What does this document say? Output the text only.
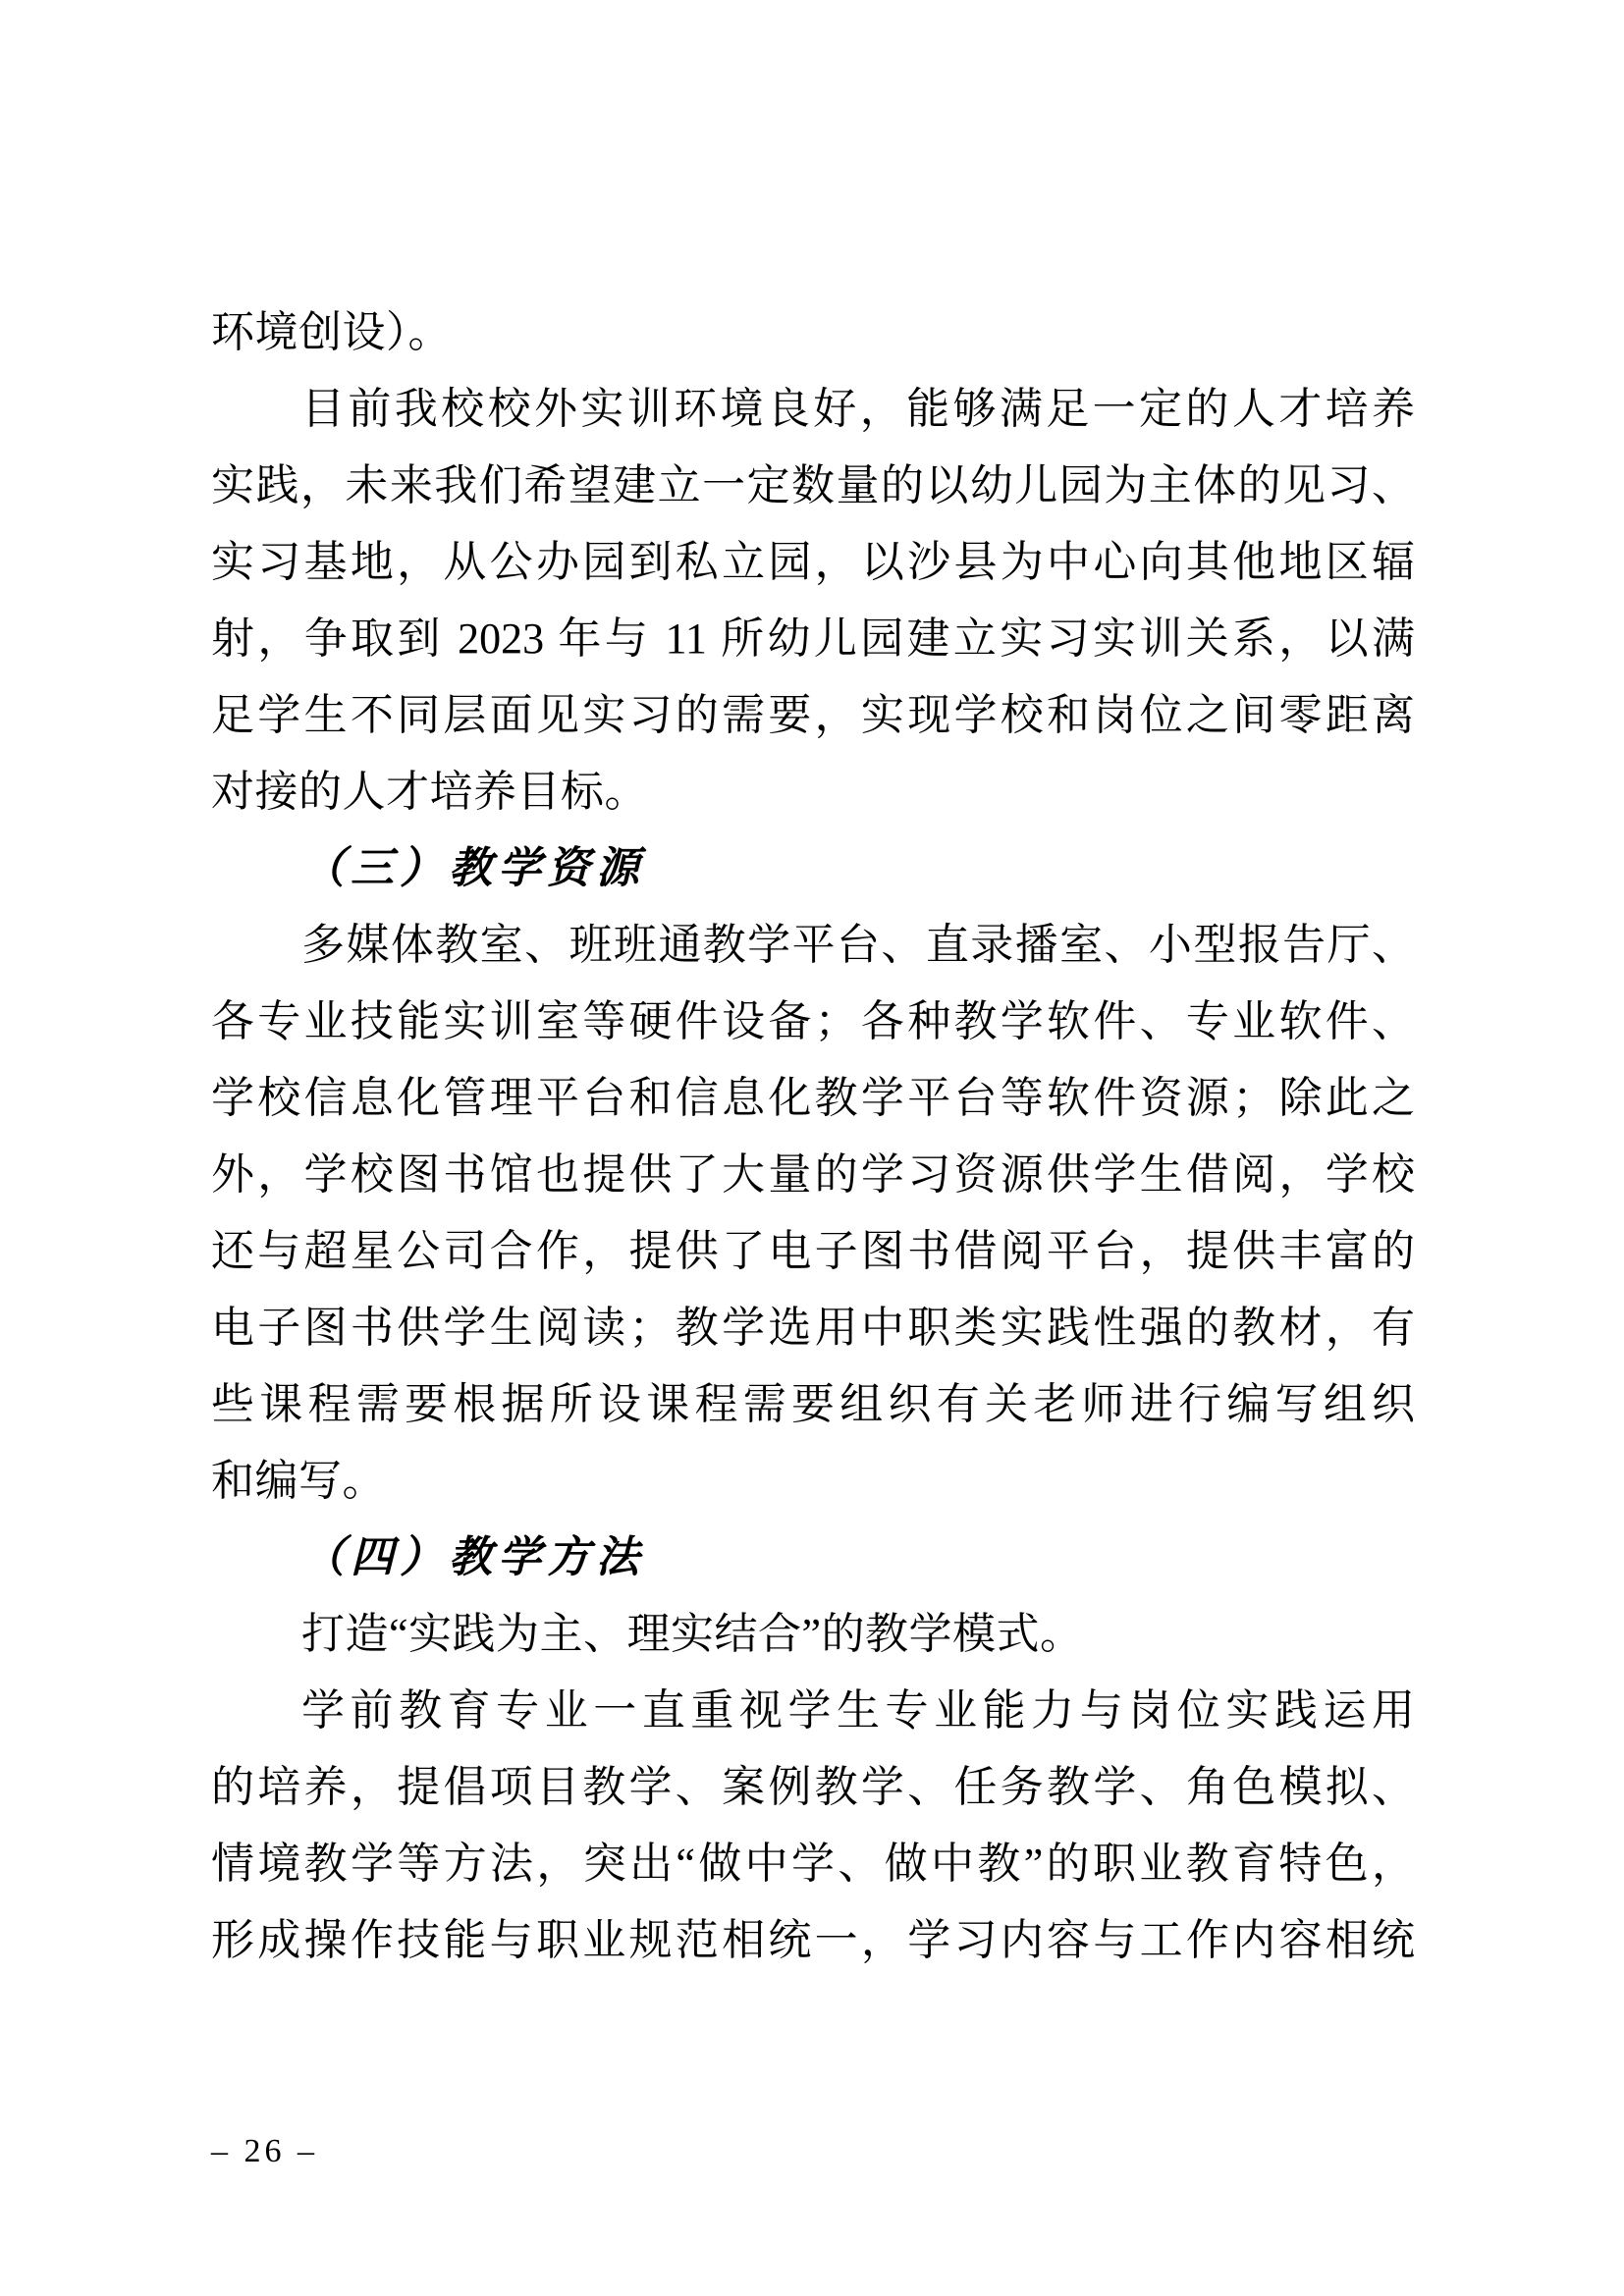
环境创设）。
目前我校校外实训环境良好，能够满足一定的人才培养
实践，未来我们希望建立一定数量的以幼儿园为主体的见习、
实习基地，从公办园到私立园，以沙县为中心向其他地区辐
射，争取到 2023 年与 11 所幼儿园建立实习实训关系，以满
足学生不同层面见实习的需要，实现学校和岗位之间零距离
对接的人才培养目标。
（三）教学资源
多媒体教室、班班通教学平台、直录播室、小型报告厅、
各专业技能实训室等硬件设备；各种教学软件、专业软件、
学校信息化管理平台和信息化教学平台等软件资源；除此之
外，学校图书馆也提供了大量的学习资源供学生借阅，学校
还与超星公司合作，提供了电子图书借阅平台，提供丰富的
电子图书供学生阅读；教学选用中职类实践性强的教材，有
些课程需要根据所设课程需要组织有关老师进行编写组织
和编写。
（四）教学方法
打造“实践为主、理实结合”的教学模式。
学前教育专业一直重视学生专业能力与岗位实践运用
的培养，提倡项目教学、案例教学、任务教学、角色模拟、
情境教学等方法，突出“做中学、做中教”的职业教育特色，
形成操作技能与职业规范相统一，学习内容与工作内容相统
– 26 –
